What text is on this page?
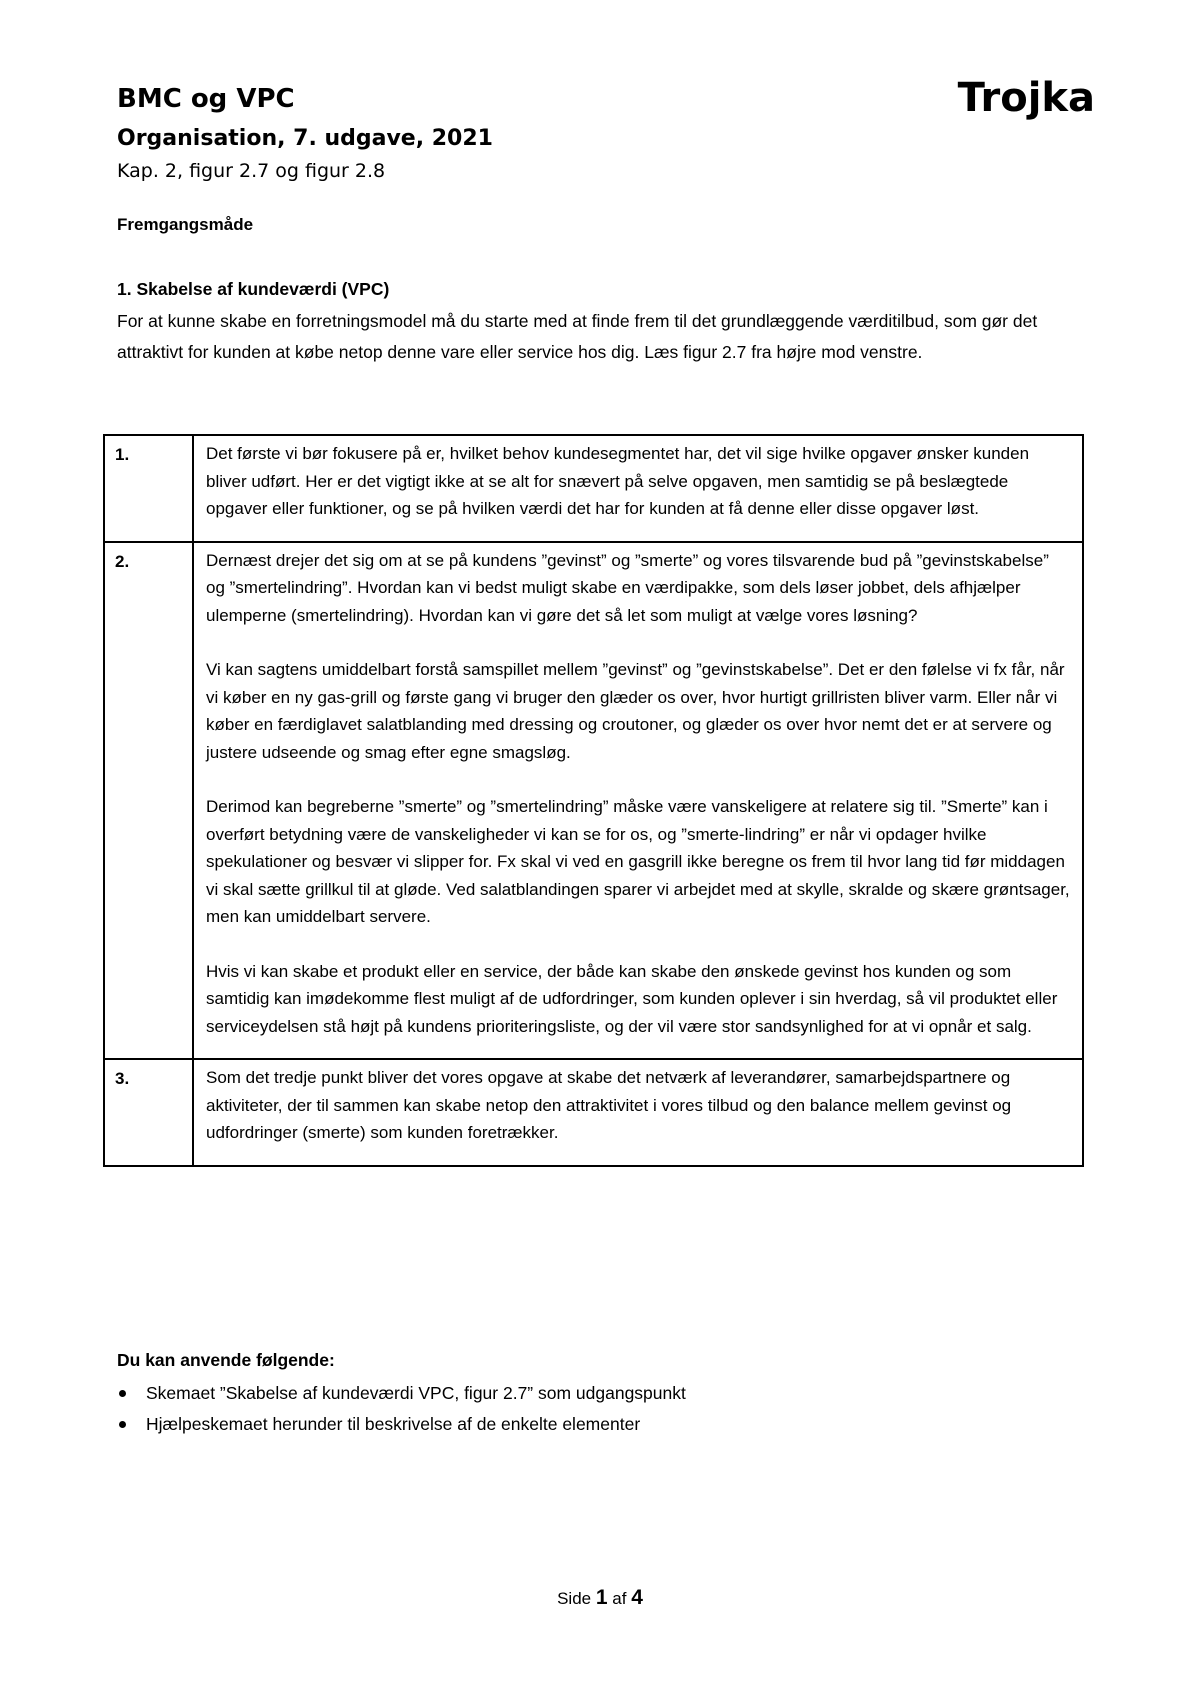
BMC og VPC	Trojka
Organisation, 7. udgave, 2021

Kap. 2, figur 2.7 og figur 2.8

Fremgangsmåde
1. Skabelse af kundeværdi (VPC)

For at kunne skabe en forretningsmodel må du starte med at finde frem til det grundlæggende værditilbud, som gør det attraktivt for kunden at købe netop denne vare eller service hos dig. Læs figur 2.7 fra højre mod venstre.

1.	Det første vi bør fokusere på er, hvilket behov kundesegmentet har, det vil sige hvilke opgaver ønsker kunden bliver udført. Her er det vigtigt ikke at se alt for snævert på selve opgaven, men samtidig se på beslægtede opgaver eller funktioner, og se på hvilken værdi det har for kunden at få denne eller disse opgaver løst.

2.	Dernæst drejer det sig om at se på kundens ”gevinst” og ”smerte” og vores tilsvarende bud på ”gevinstskabelse” og ”smertelindring”. Hvordan kan vi bedst muligt skabe en værdipakke, som dels løser jobbet, dels afhjælper ulemperne (smertelindring). Hvordan kan vi gøre det så let som muligt at vælge vores løsning?

Vi kan sagtens umiddelbart forstå samspillet mellem ”gevinst” og ”gevinstskabelse”. Det er den følelse vi fx får, når vi køber en ny gas-grill og første gang vi bruger den glæder os over, hvor hurtigt grillristen bliver varm. Eller når vi køber en færdiglavet salatblanding med dressing og croutoner, og glæder os over hvor nemt det er at servere og justere udseende og smag efter egne smagsløg.

Derimod kan begreberne ”smerte” og ”smertelindring” måske være vanskeligere at relatere sig til. ”Smerte” kan i overført betydning være de vanskeligheder vi kan se for os, og ”smerte-lindring” er når vi opdager hvilke spekulationer og besvær vi slipper for. Fx skal vi ved en gasgrill ikke beregne os frem til hvor lang tid før middagen vi skal sætte grillkul til at gløde. Ved salatblandingen sparer vi arbejdet med at skylle, skralde og skære grøntsager, men kan umiddelbart servere.

Hvis vi kan skabe et produkt eller en service, der både kan skabe den ønskede gevinst hos kunden og som samtidig kan imødekomme flest muligt af de udfordringer, som kunden oplever i sin hverdag, så vil produktet eller serviceydelsen stå højt på kundens prioriteringsliste, og der vil være stor sandsynlighed for at vi opnår et salg.

3.	Som det tredje punkt bliver det vores opgave at skabe det netværk af leverandører, samarbejdspartnere og aktiviteter, der til sammen kan skabe netop den attraktivitet i vores tilbud og den balance mellem gevinst og udfordringer (smerte) som kunden foretrækker.

Du kan anvende følgende:
Skemaet ”Skabelse af kundeværdi VPC, figur 2.7” som udgangspunkt
Hjælpeskemaet herunder til beskrivelse af de enkelte elementer

Side 1 af 4
